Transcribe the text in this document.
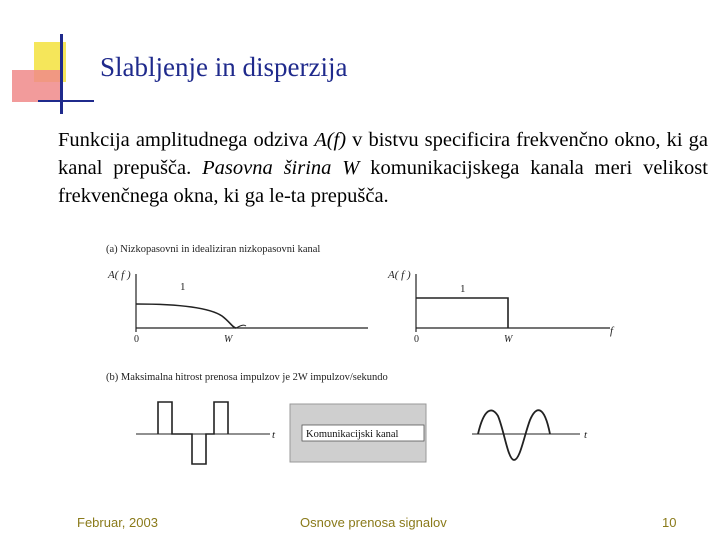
Slabljenje in disperzija
Funkcija amplitudnega odziva A(f) v bistvu specificira frekvenčno okno, ki ga kanal prepušča. Pasovna širina W komunikacijskega kanala meri velikost frekvenčnega okna, ki ga le-ta prepušča.
(a) Nizkopasovni in idealiziran nizkopasovni kanal
A( f )
1
0	W
A( f )
1
0	W
f
(b) Maksimalna hitrost prenosa impulzov je 2W impulzov/sekundo
t	Komunikacijski kanal	t
Februar, 2003	Osnove prenosa signalov	10
